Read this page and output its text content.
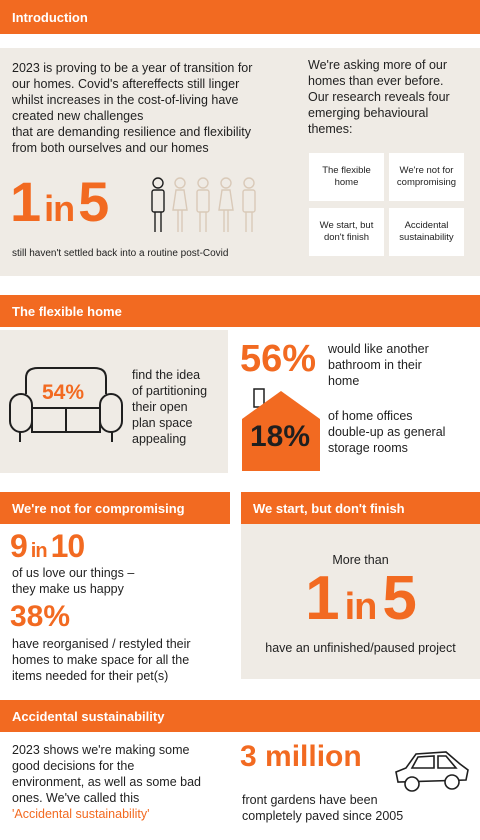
Introduction
2023 is proving to be a year of transition for
our homes. Covid's aftereffects still linger
whilst increases in the cost-of-living have
created new challenges
that are demanding resilience and flexibility
from both ourselves and our homes
1 in5
still haven't settled back into a routine post-Covid
We're asking more of our
homes than ever before.
Our research reveals four
emerging behavioural
themes:
The flexible home
We're not for compromising
We start, but don't finish
Accidental sustainability
The flexible home
54%
find the idea
of partitioning
their open
plan space
appealing
56% would like another
bathroom in their
home
18%
of home offices
double-up as general
storage rooms
We're not for compromising
9 in 10
of us love our things –
they make us happy
38%
have reorganised / restyled their
homes to make space for all the
items needed for their pet(s)
We start, but don't finish
More than
1 in5
have an unfinished/paused project
Accidental sustainability
2023 shows we're making some
good decisions for the
environment, as well as some bad
ones. We've called this
'Accidental sustainability'
3 million
front gardens have been
completely paved since 2005
